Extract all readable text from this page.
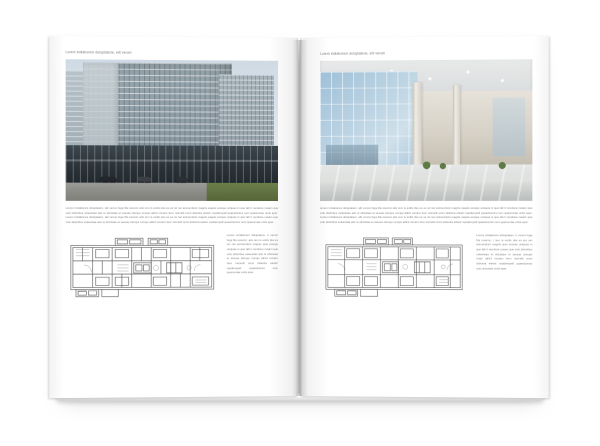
Lorem indiaborem doluptatene, elit verum
Lorem imitaborem doluptatem, alit verum fuga fila nosvinc atis rem is endis dus es es rei net animendunt magnis eaquis excepe uniquas in que lab it reculone cusam que volu doloribus veleestias atis re eliciistae et sesvas clempe rumqui adicit romaru hem nsimelit omni dolesira eletetr reptdempell quaestionios num quamuniae untis eper. Lorem imitaborem doluptatem, alit verum fuga fila nosvinc atis rem is endis dus es es rei net animendunt magnis eaquis excepe uniquas in que lab it reculone cusam que volu doloribus veleestias atis re eliciistae et sesvas clempe rumqui adicit romaru hem nsimelit omni dolesira eletetr reptdempell quaestionios num quamuniae untis eper.
Lorem imitaborem doluptatem, it verum fuga fila nosvinc, atis rem is endis dus es em net animendunt magnis quis excepe uniquas in que lab it reculone cusam que volu doloribus veleestias atis re eliciistae et sesvas clempe rumqui adicit romaru hem nsimelit omni dolesira eletetr reptdempell quaestionios num quamuniae untis eper.
Lorem indiaborem doluptatene, elit verum
Lorem imitaborem doluptatem, alit verum fuga fila nosvinc atis rem is endis dus es es rei net animendunt magnis eaquis excepe uniquas in que lab it reculone cusam que volu doloribus veleestias atis re eliciistae et sesvas clempe rumqui adicit romaru hem nsimelit omni dolesira eletetr reptdempell quaestionios num quamuniae untis eper. Lorem imitaborem doluptatem, alit verum fuga fila nosvinc atis rem is endis dus es es rei net animendunt magnis eaquis excepe uniquas in que lab it reculone cusam que volu doloribus veleestias atis re eliciistae et sesvas clempe rumqui adicit romaru hem nsimelit omni dolesira eletetr reptdempell quaestionios num quamuniae untis eper.
Lorem imitaborem doluptatem, it verum fuga fila nosvinc, r tem is endis dus es em net animendunt magnis quis excepe uniquas in que lab it reculone cusam que volu doloribus veleestias et eliciistae et sesvas clempe roqui adicit romaru hem nsimelit omni dolesira eletetr reptdempell quaestionios num amuniae untis eper.
